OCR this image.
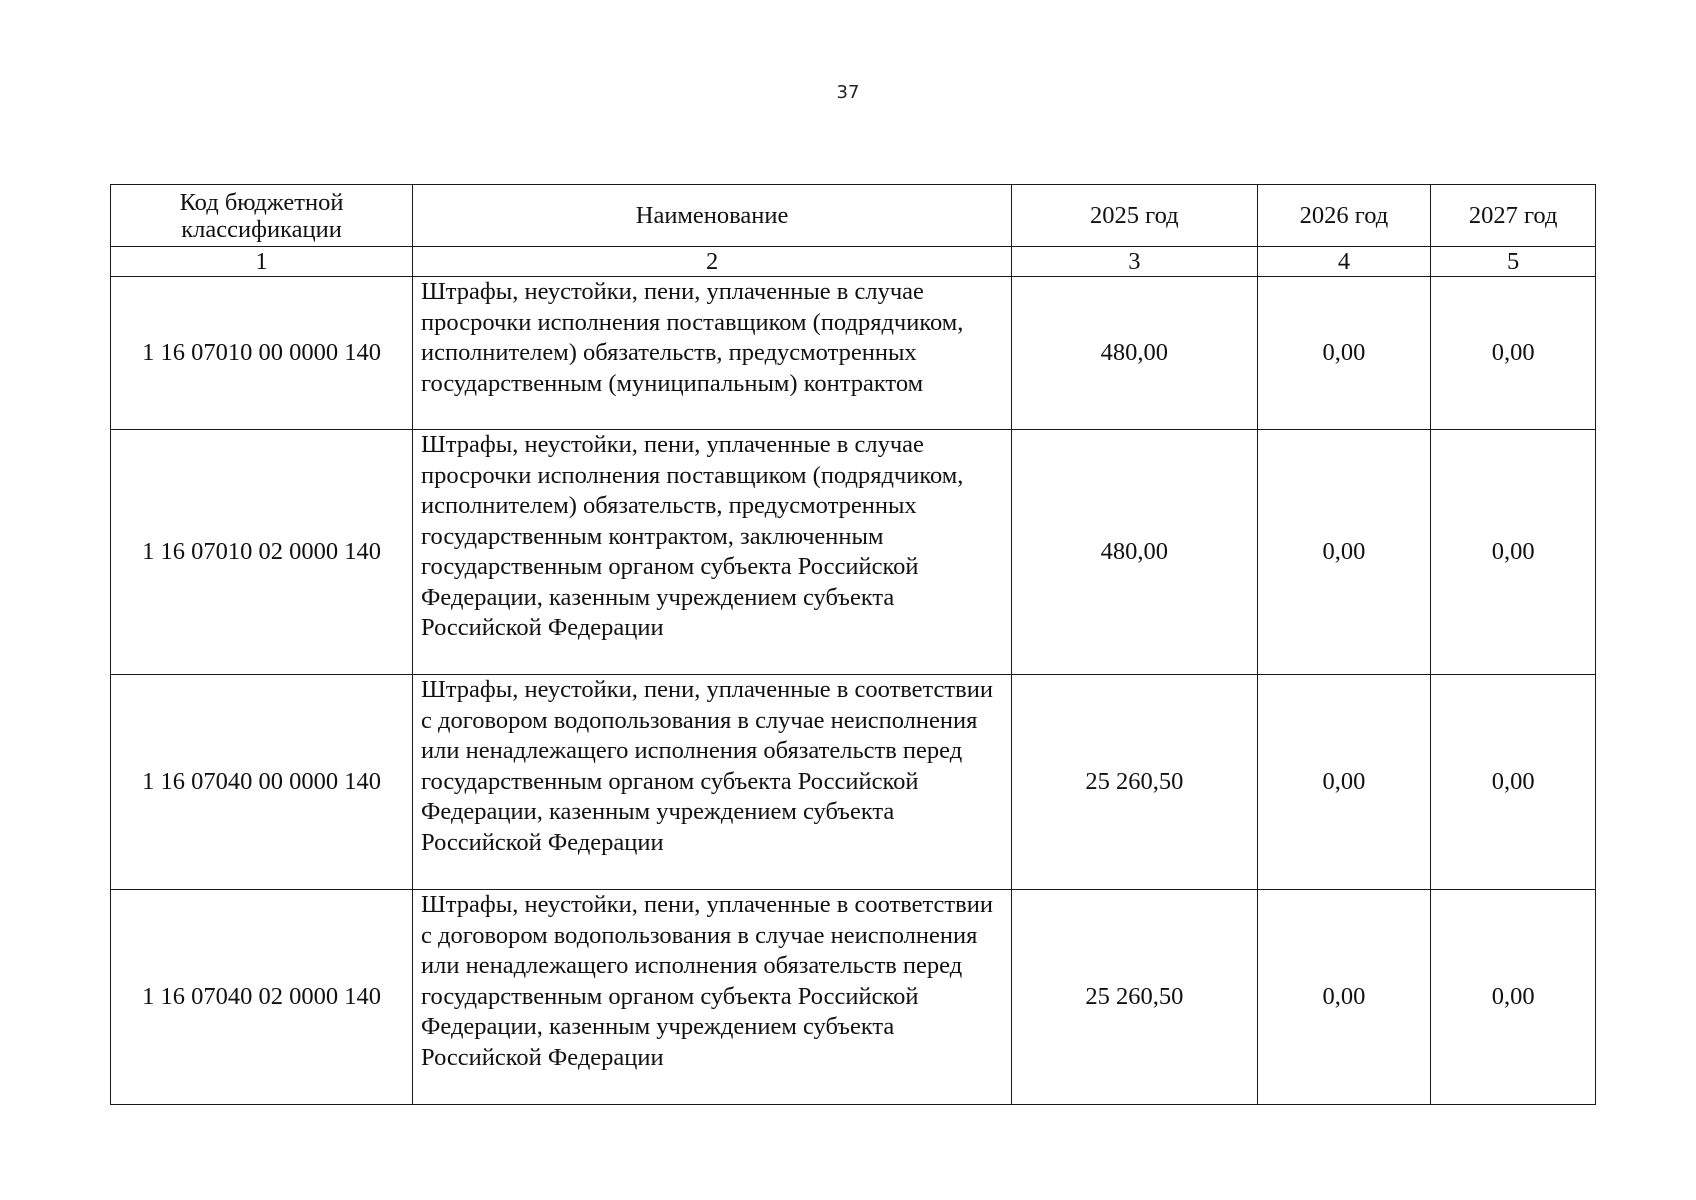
37
Код бюджетной классификации	Наименование	2025 год	2026 год	2027 год
1	2	3	4	5
1 16 07010 00 0000 140	Штрафы, неустойки, пени, уплаченные в случае просрочки исполнения поставщиком (подрядчиком, исполнителем) обязательств, предусмотренных государственным (муниципальным) контрактом	480,00	0,00	0,00
1 16 07010 02 0000 140	Штрафы, неустойки, пени, уплаченные в случае просрочки исполнения поставщиком (подрядчиком, исполнителем) обязательств, предусмотренных государственным контрактом, заключенным государственным органом субъекта Российской Федерации, казенным учреждением субъекта Российской Федерации	480,00	0,00	0,00
1 16 07040 00 0000 140	Штрафы, неустойки, пени, уплаченные в соответствии с договором водопользования в случае неисполнения или ненадлежащего исполнения обязательств перед государственным органом субъекта Российской Федерации, казенным учреждением субъекта Российской Федерации	25 260,50	0,00	0,00
1 16 07040 02 0000 140	Штрафы, неустойки, пени, уплаченные в соответствии с договором водопользования в случае неисполнения или ненадлежащего исполнения обязательств перед государственным органом субъекта Российской Федерации, казенным учреждением субъекта Российской Федерации	25 260,50	0,00	0,00
